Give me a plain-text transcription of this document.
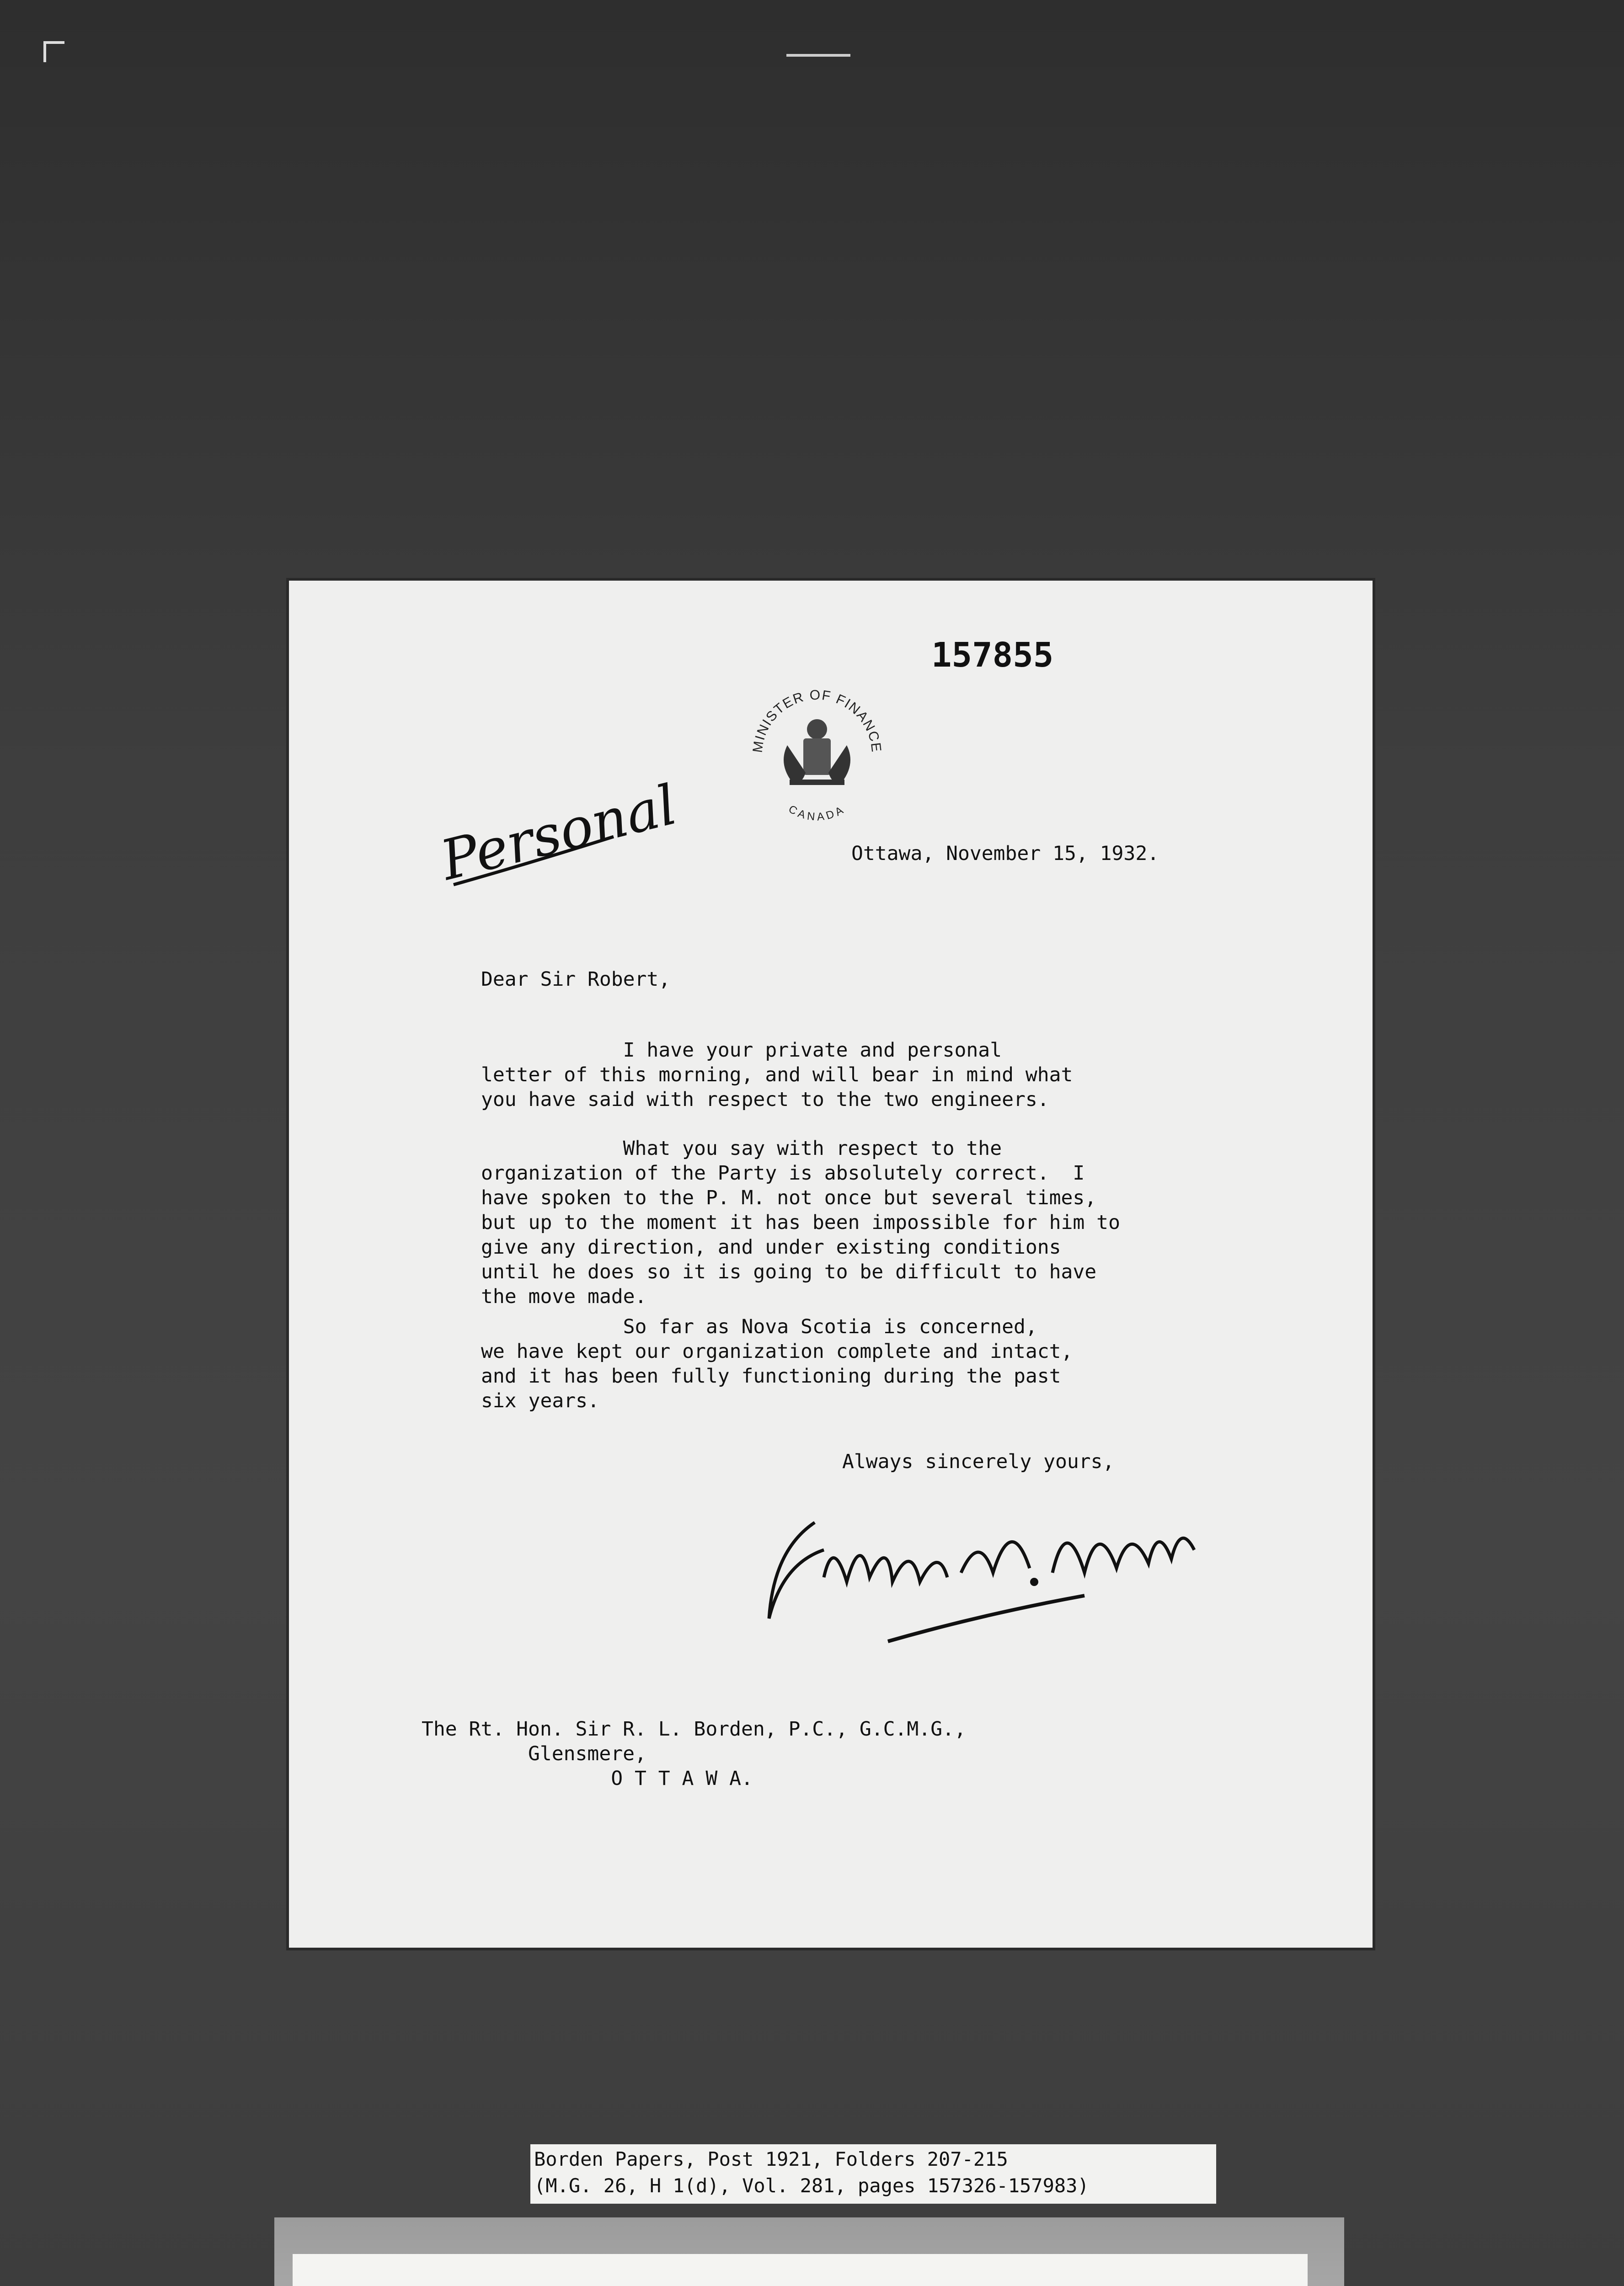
157855
MINISTER OF FINANCE
CANADA
Personal	Ottawa, November 15, 1932.
Dear Sir Robert,
I have your private and personal
letter of this morning, and will bear in mind what
you have said with respect to the two engineers.
What you say with respect to the
organization of the Party is absolutely correct.  I
have spoken to the P. M. not once but several times,
but up to the moment it has been impossible for him to
give any direction, and under existing conditions
until he does so it is going to be difficult to have
the move made.
So far as Nova Scotia is concerned,
we have kept our organization complete and intact,
and it has been fully functioning during the past
six years.
Always sincerely yours,
The Rt. Hon. Sir R. L. Borden, P.C., G.C.M.G.,
Glensmere,
O T T A W A.
Borden Papers, Post 1921, Folders 207-215
(M.G. 26, H 1(d), Vol. 281, pages 157326-157983)
